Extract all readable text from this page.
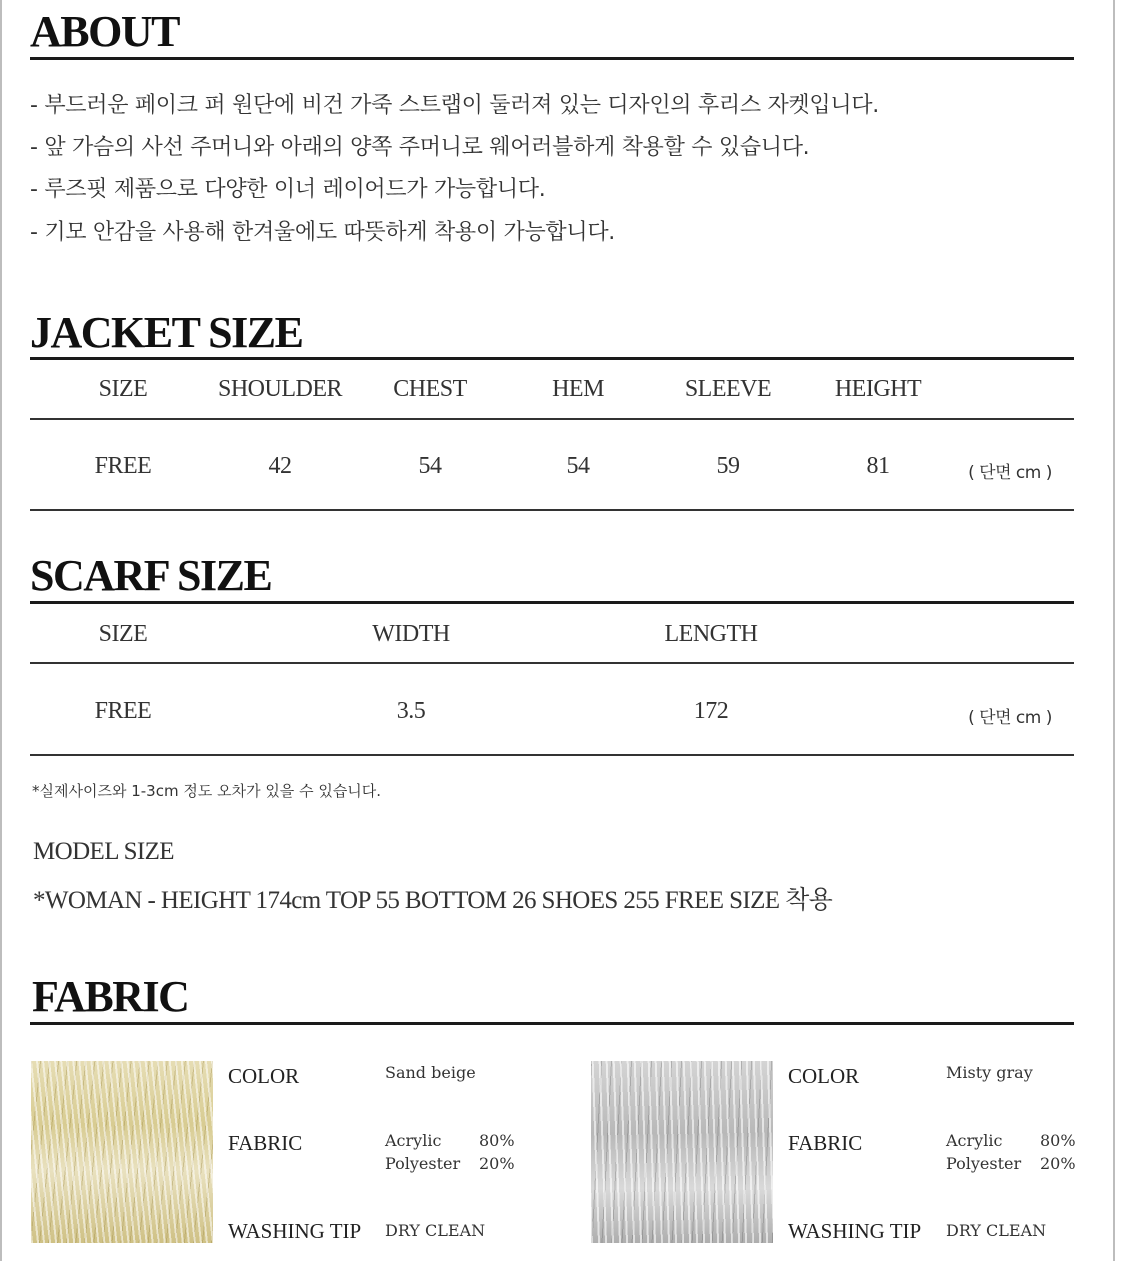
ABOUT
- 부드러운 페이크 퍼 원단에 비건 가죽 스트랩이 둘러져 있는 디자인의 후리스 자켓입니다.
- 앞 가슴의 사선 주머니와 아래의 양쪽 주머니로 웨어러블하게 착용할 수 있습니다.
- 루즈핏 제품으로 다양한 이너 레이어드가 가능합니다.
- 기모 안감을 사용해 한겨울에도 따뜻하게 착용이 가능합니다.
JACKET SIZE
SIZE	SHOULDER CHEST	HEM	SLEEVE	HEIGHT
FREE	42	54	54	59	81	( 단면 cm )
SCARF SIZE
SIZE	WIDTH	LENGTH
FREE	3.5	172	( 단면 cm )
*실제사이즈와 1-3cm 정도 오차가 있을 수 있습니다.
MODEL SIZE
*WOMAN - HEIGHT 174cm TOP 55 BOTTOM 26 SHOES 255 FREE SIZE 착용
FABRIC
COLOR	Sand beige
FABRIC	Acrylic 80%
Polyester 20%
WASHING TIP DRY CLEAN
COLOR	Misty gray
FABRIC	Acrylic 80%
Polyester 20%
WASHING TIP DRY CLEAN
